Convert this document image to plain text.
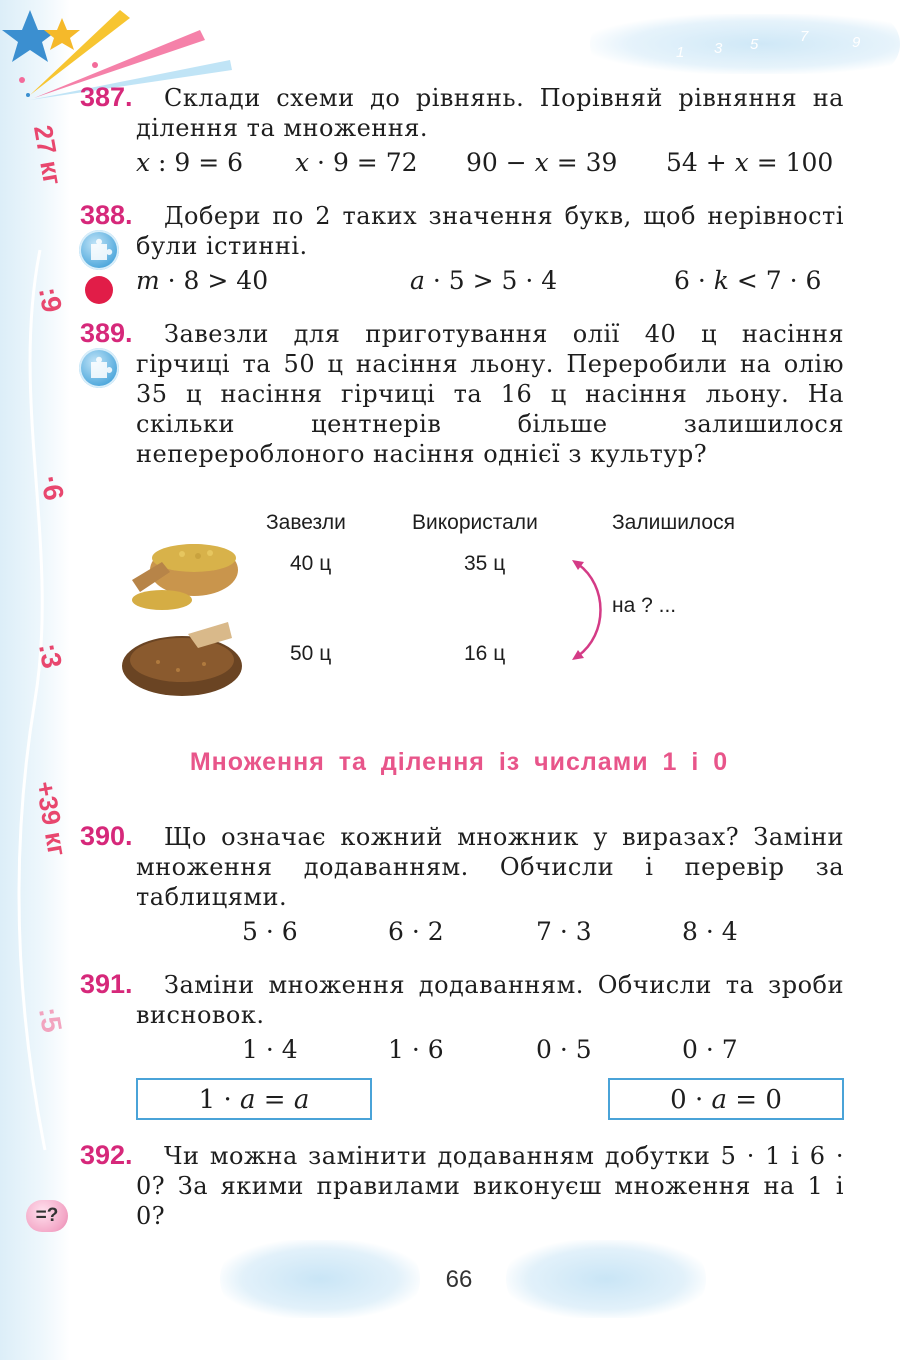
1 3 5	7	9
27 кг
:9
·6
:3
+39 кг
:5
387.	Склади схеми до рівнянь. Порівняй рівняння на ділення та множення.

x : 9 = 6 x · 9 = 72 90 − x = 39 54 + x = 100
388.	Добери по 2 таких значення букв, щоб нерівності були істинні.

m · 8 > 40	a · 5 > 5 · 4	6 · k < 7 · 6
389.	Завезли для приготування олії 40 ц насіння гірчиці та 50 ц насіння льону. Переробили на олію 35 ц насіння гірчиці та 16 ц насіння льону. На скільки центнерів більше залишилося неперероблоного насіння однієї з культур?

Завезли	Використали	Залишилося
40 ц	35 ц
50 ц	16 ц
на ? ...
Множення та ділення із числами 1 і 0
390.	Що означає кожний множник у виразах? Заміни множення додаванням. Обчисли і перевір за таблицями.

5 · 6	6 · 2	7 · 3	8 · 4
391.	Заміни множення додаванням. Обчисли та зроби висновок.

1 · 4	1 · 6	0 · 5	0 · 7
1 · a = a	0 · a = 0
392.	Чи можна замінити додаванням добутки 5 · 1 і 6 · 0? За якими правилами виконуєш множення на 1 і 0?

=?
66
